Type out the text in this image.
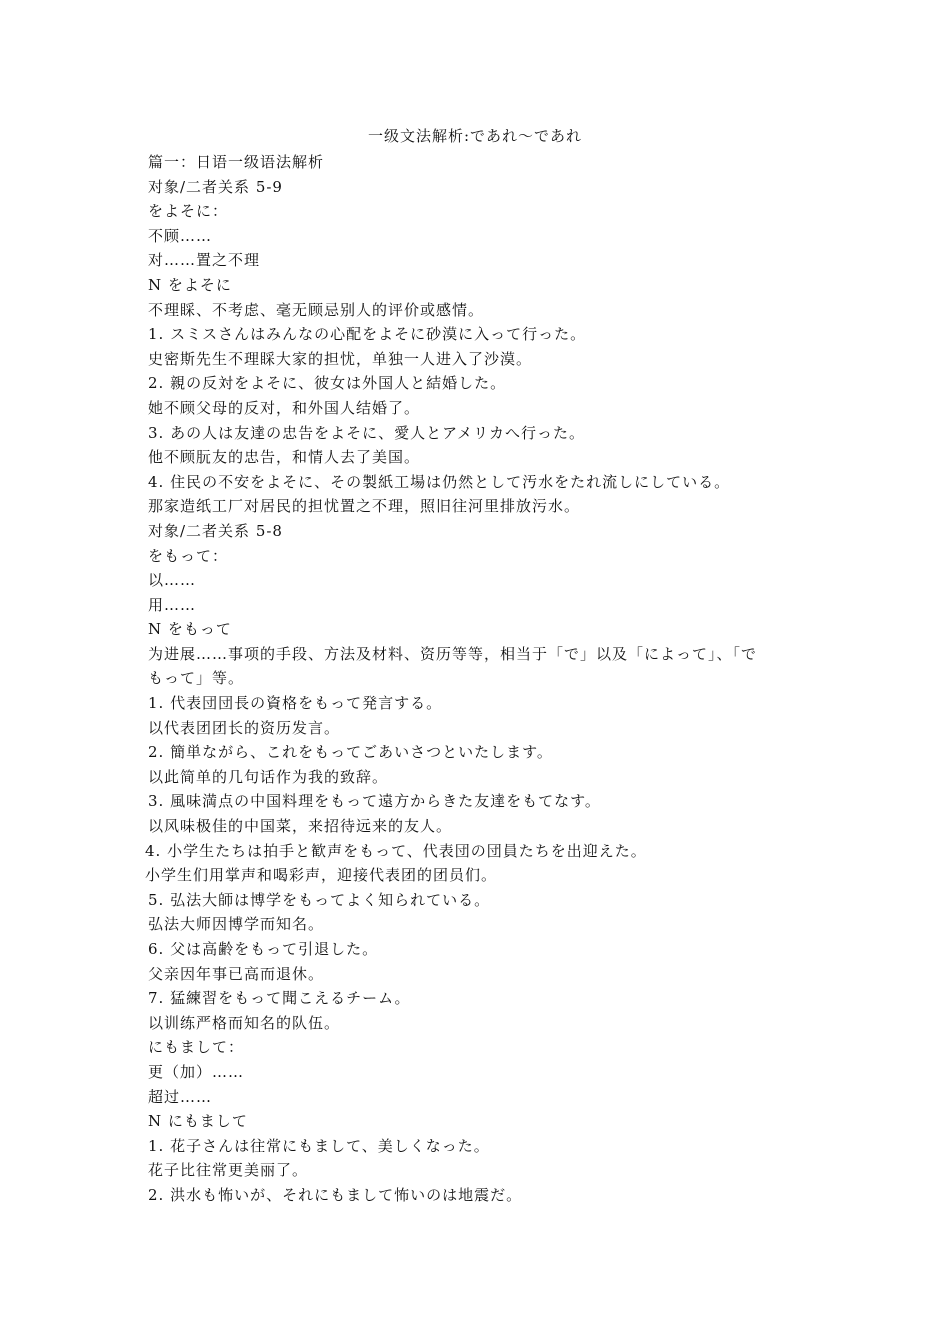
一级文法解析:であれ～であれ
篇一：日语一级语法解析
对象/二者关系 5-9
をよそに：
不顾……
对……置之不理
N をよそに
不理睬、不考虑、毫无顾忌别人的评价或感情。
1. スミスさんはみんなの心配をよそに砂漠に入って行った。
史密斯先生不理睬大家的担忧，单独一人进入了沙漠。
2. 親の反対をよそに、彼女は外国人と結婚した。
她不顾父母的反对，和外国人结婚了。
3. あの人は友達の忠告をよそに、愛人とアメリカへ行った。
他不顾朊友的忠告，和情人去了美国。
4. 住民の不安をよそに、その製紙工場は仍然として汚水をたれ流しにしている。
那家造纸工厂对居民的担忧置之不理，照旧往河里排放污水。
对象/二者关系 5-8
をもって：
以……
用……
N をもって
为进展……事项的手段、方法及材料、资历等等，相当于「で」以及「によって」、「で
もって」等。
1. 代表団団長の資格をもって発言する。
以代表团团长的资历发言。
2. 簡単ながら、これをもってごあいさつといたします。
以此简单的几句话作为我的致辞。
3. 風味満点の中国料理をもって遠方からきた友達をもてなす。
以风味极佳的中国菜，来招待远来的友人。
4. 小学生たちは拍手と歓声をもって、代表団の団員たちを出迎えた。
小学生们用掌声和喝彩声，迎接代表团的团员们。
5. 弘法大師は博学をもってよく知られている。
弘法大师因博学而知名。
6. 父は高齢をもって引退した。
父亲因年事已高而退休。
7. 猛練習をもって聞こえるチーム。
以训练严格而知名的队伍。
にもまして：
更（加）……
超过……
N にもまして
1. 花子さんは往常にもまして、美しくなった。
花子比往常更美丽了。
2. 洪水も怖いが、それにもまして怖いのは地震だ。
